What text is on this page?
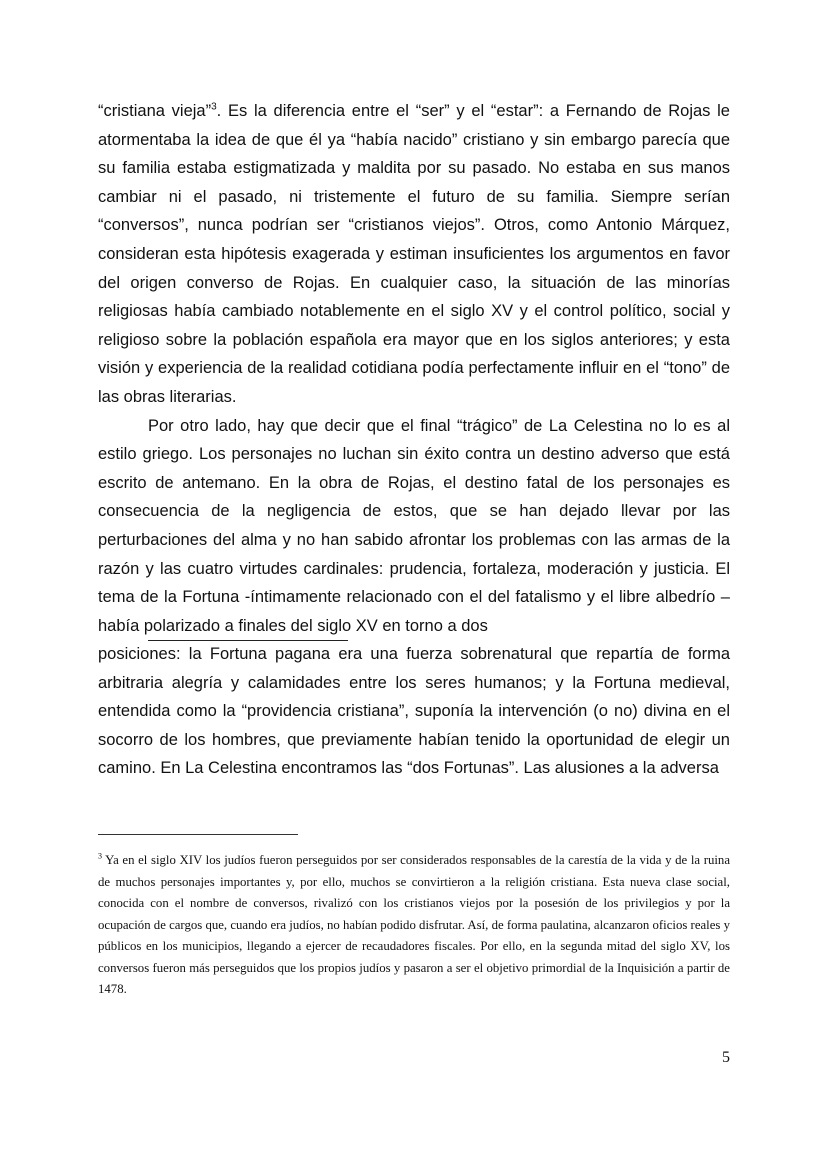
“cristiana vieja”$^3$. Es la diferencia entre el “ser” y el “estar”: a Fernando de Rojas le atormentaba la idea de que él ya “había nacido” cristiano y sin embargo parecía que su familia estaba estigmatizada y maldita por su pasado. No estaba en sus manos cambiar ni el pasado, ni tristemente el futuro de su familia. Siempre serían “conversos”, nunca podrían ser “cristianos viejos”. Otros, como Antonio Márquez, consideran esta hipótesis exagerada y estiman insuficientes los argumentos en favor del origen converso de Rojas. En cualquier caso, la situación de las minorías religiosas había cambiado notablemente en el siglo XV y el control político, social y religioso sobre la población española era mayor que en los siglos anteriores; y esta visión y experiencia de la realidad cotidiana podía perfectamente influir en el “tono” de las obras literarias.

Por otro lado, hay que decir que el final “trágico” de La Celestina no lo es al estilo griego. Los personajes no luchan sin éxito contra un destino adverso que está escrito de antemano. En la obra de Rojas, el destino fatal de los personajes es consecuencia de la negligencia de estos, que se han dejado llevar por las perturbaciones del alma y no han sabido afrontar los problemas con las armas de la razón y las cuatro virtudes cardinales: prudencia, fortaleza, moderación y justicia. El tema de la Fortuna -íntimamente relacionado con el del fatalismo y el libre albedrío –había polarizado a finales del siglo XV en torno a dos

posiciones: la Fortuna pagana era una fuerza sobrenatural que repartía de forma arbitraria alegría y calamidades entre los seres humanos; y la Fortuna medieval, entendida como la “providencia cristiana”, suponía la intervención (o no) divina en el socorro de los hombres, que previamente habían tenido la oportunidad de elegir un camino. En La Celestina encontramos las “dos Fortunas”. Las alusiones a la adversa

$^3$ Ya en el siglo XIV los judíos fueron perseguidos por ser considerados responsables de la carestía de la vida y de la ruina de muchos personajes importantes y, por ello, muchos se convirtieron a la religión cristiana. Esta nueva clase social, conocida con el nombre de conversos, rivalizó con los cristianos viejos por la posesión de los privilegios y por la ocupación de cargos que, cuando era judíos, no habían podido disfrutar. Así, de forma paulatina, alcanzaron oficios reales y públicos en los municipios, llegando a ejercer de recaudadores fiscales. Por ello, en la segunda mitad del siglo XV, los conversos fueron más perseguidos que los propios judíos y pasaron a ser el objetivo primordial de la Inquisición a partir de 1478.

5
